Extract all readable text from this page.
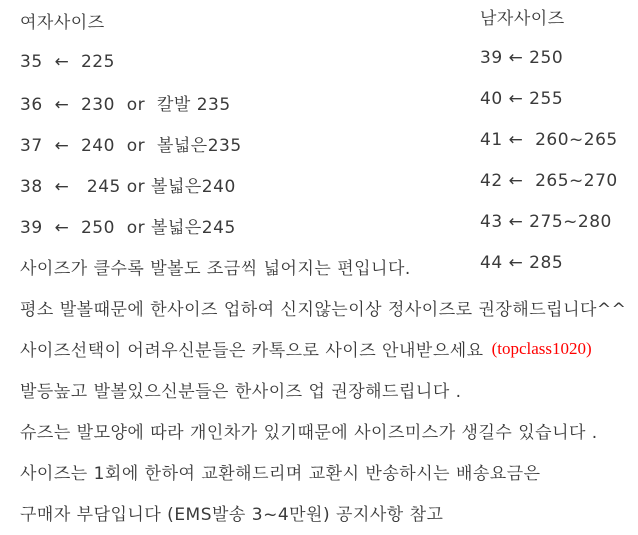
여자사이즈
35  ←  225
36  ←  230  or  칼발 235
37  ←  240  or  볼넓은235
38  ←   245 or 볼넓은240
39  ←  250  or 볼넓은245
사이즈가 클수록 발볼도 조금씩 넓어지는 편입니다.
평소 발볼때문에 한사이즈 업하여 신지않는이상 정사이즈로 권장해드립니다^^
사이즈선택이 어려우신분들은 카톡으로 사이즈 안내받으세요 (topclass1020)
발등높고 발볼있으신분들은 한사이즈 업 권장해드립니다 .
슈즈는 발모양에 따라 개인차가 있기때문에 사이즈미스가 생길수 있습니다 .
사이즈는 1회에 한하여 교환해드리며 교환시 반송하시는 배송요금은
구매자 부담입니다 (EMS발송 3~4만원) 공지사항 참고
남자사이즈
39 ← 250
40 ← 255
41 ←  260~265
42 ←  265~270
43 ← 275~280
44 ← 285
